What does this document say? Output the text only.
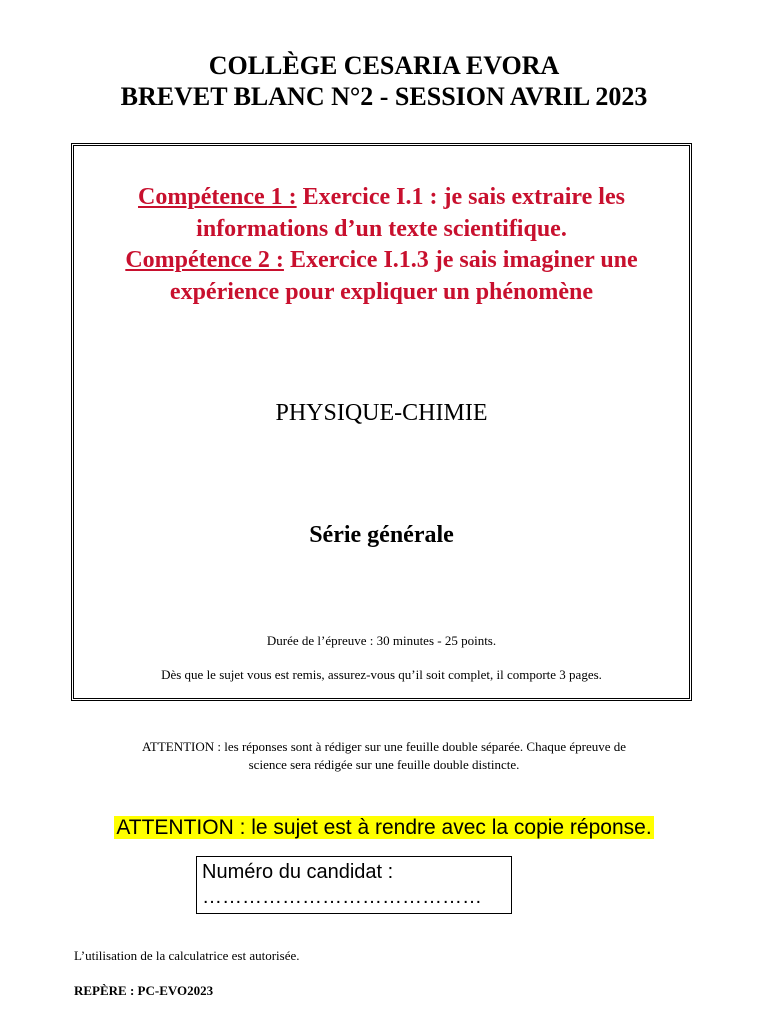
COLLÈGE CESARIA EVORA
BREVET BLANC N°2 - SESSION AVRIL 2023
Compétence 1 : Exercice I.1 : je sais extraire les
informations d’un texte scientifique.
Compétence 2 : Exercice I.1.3 je sais imaginer une
expérience pour expliquer un phénomène
PHYSIQUE-CHIMIE
Série générale
Durée de l’épreuve : 30 minutes - 25 points.
Dès que le sujet vous est remis, assurez-vous qu’il soit complet, il comporte 3 pages.
ATTENTION : les réponses sont à rédiger sur une feuille double séparée. Chaque épreuve de
science sera rédigée sur une feuille double distincte.
ATTENTION : le sujet est à rendre avec la copie réponse.
Numéro du candidat :
……………………………………
L’utilisation de la calculatrice est autorisée.
REPÈRE : PC-EVO2023
